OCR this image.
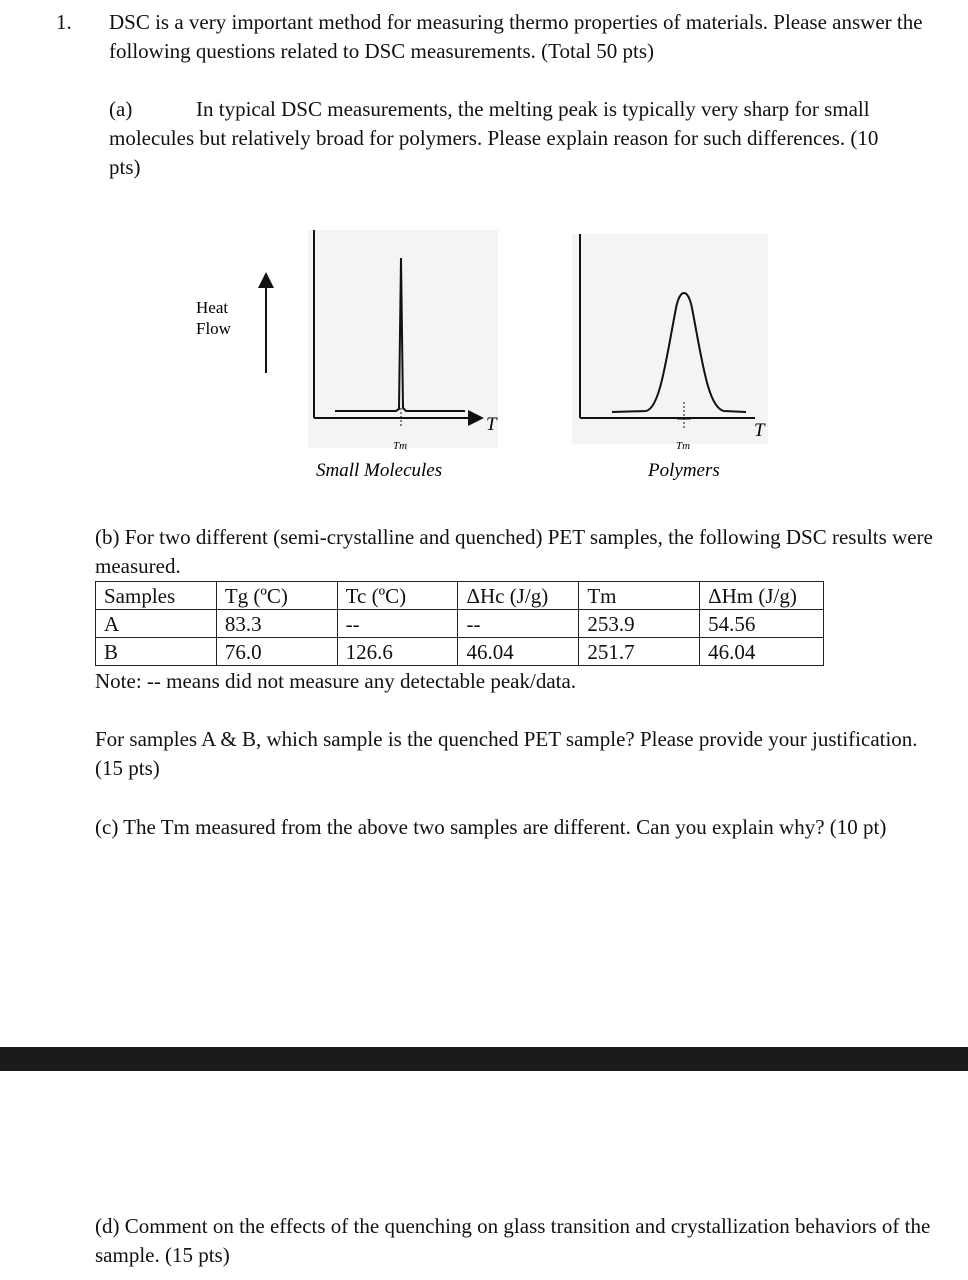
1. DSC is a very important method for measuring thermo properties of materials. Please answer the following questions related to DSC measurements. (Total 50 pts)
(a)	In typical DSC measurements, the melting peak is typically very sharp for small molecules but relatively broad for polymers. Please explain reason for such differences. (10 pts)
Heat
Flow
T
Tm
Small Molecules
T
Tm
Polymers
(b) For two different (semi-crystalline and quenched) PET samples, the following DSC results were measured.
Samples	Tg (ºC)	Tc (ºC)	ΔHc (J/g)	Tm	ΔHm (J/g)
A	83.3	--	--	253.9	54.56
B	76.0	126.6	46.04	251.7	46.04
Note: -- means did not measure any detectable peak/data.
For samples A & B, which sample is the quenched PET sample? Please provide your justification. (15 pts)
(c) The Tm measured from the above two samples are different. Can you explain why? (10 pt)
(d) Comment on the effects of the quenching on glass transition and crystallization behaviors of the sample. (15 pts)
